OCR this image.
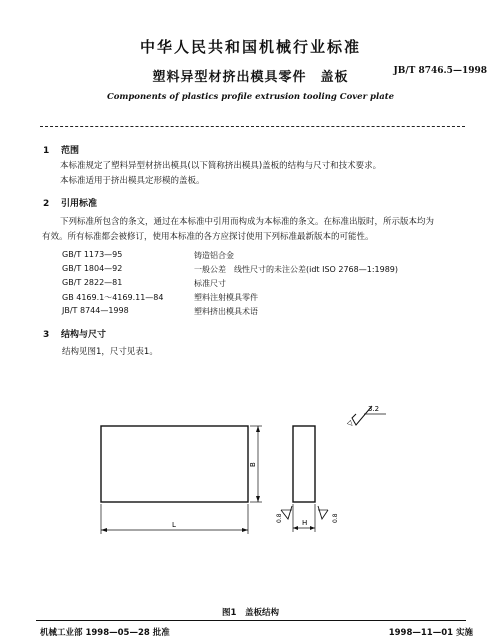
中华人民共和国机械行业标准
塑料异型材挤出模具零件　盖板	JB/T 8746.5—1998
Components of plastics profile extrusion tooling Cover plate
1 范围
本标准规定了塑料异型材挤出模具(以下简称挤出模具)盖板的结构与尺寸和技术要求。
本标准适用于挤出模具定形模的盖板。
2 引用标准
下列标准所包含的条文，通过在本标准中引用而构成为本标准的条文。在标准出版时，所示版本均为
有效。所有标准都会被修订，使用本标准的各方应探讨使用下列标准最新版本的可能性。
GB/T 1173—95	铸造铝合金
GB/T 1804—92	一般公差　线性尺寸的未注公差(idt ISO 2768—1:1989)
GB/T 2822—81	标准尺寸
GB 4169.1～4169.11—84	塑料注射模具零件
JB/T 8744—1998	塑料挤出模具术语
3 结构与尺寸
结构见图1，尺寸见表1。
3.2
▽
B
L	H
0.8	0.8
图1　盖板结构
机械工业部 1998—05—28 批准	1998—11—01 实施
